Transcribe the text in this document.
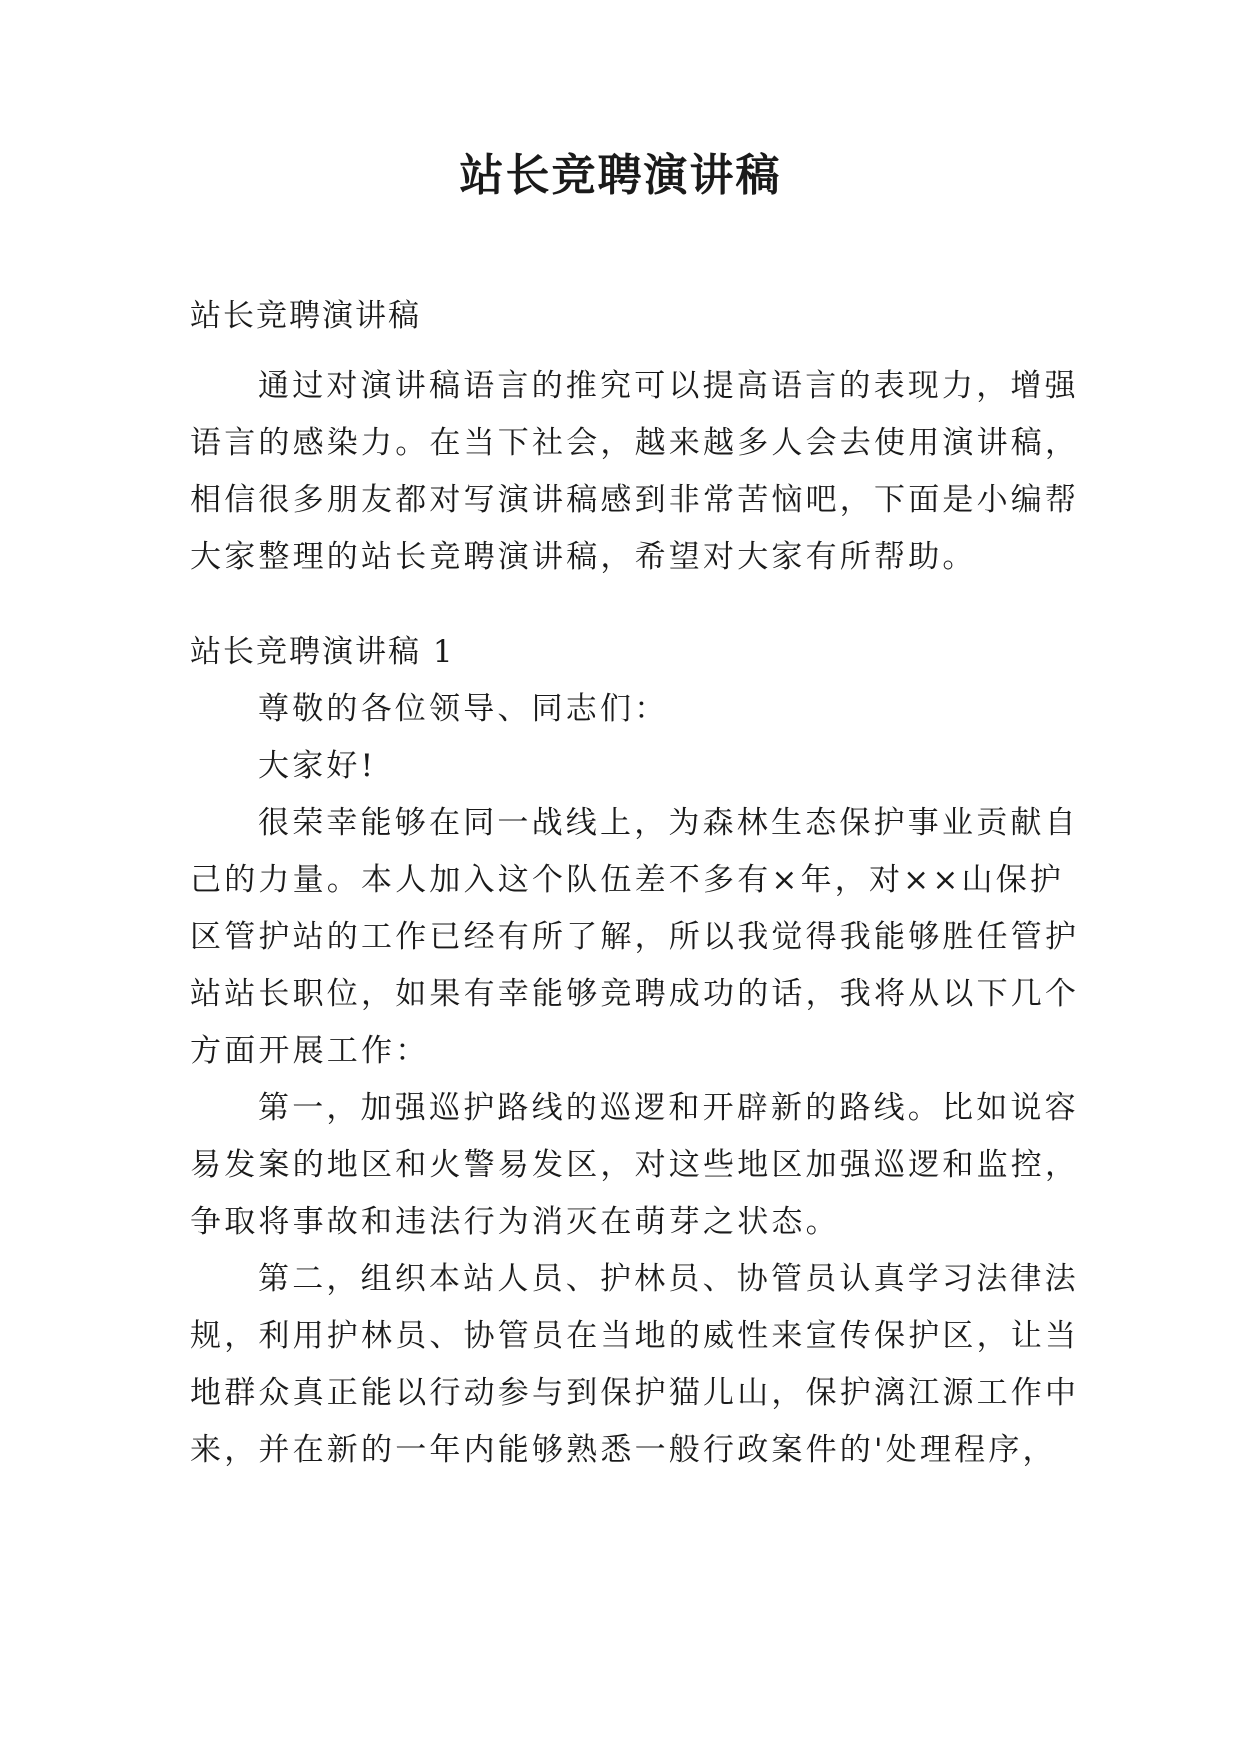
站长竞聘演讲稿
站长竞聘演讲稿
通过对演讲稿语言的推究可以提高语言的表现力，增强
语言的感染力。在当下社会，越来越多人会去使用演讲稿，
相信很多朋友都对写演讲稿感到非常苦恼吧，下面是小编帮
大家整理的站长竞聘演讲稿，希望对大家有所帮助。
站长竞聘演讲稿 1
尊敬的各位领导、同志们：
大家好!
很荣幸能够在同一战线上，为森林生态保护事业贡献自
己的力量。本人加入这个队伍差不多有×年，对××山保护
区管护站的工作已经有所了解，所以我觉得我能够胜任管护
站站长职位，如果有幸能够竞聘成功的话，我将从以下几个
方面开展工作：
第一，加强巡护路线的巡逻和开辟新的路线。比如说容
易发案的地区和火警易发区，对这些地区加强巡逻和监控，
争取将事故和违法行为消灭在萌芽之状态。
第二，组织本站人员、护林员、协管员认真学习法律法
规，利用护林员、协管员在当地的威性来宣传保护区，让当
地群众真正能以行动参与到保护猫儿山，保护漓江源工作中
来，并在新的一年内能够熟悉一般行政案件的'处理程序，
